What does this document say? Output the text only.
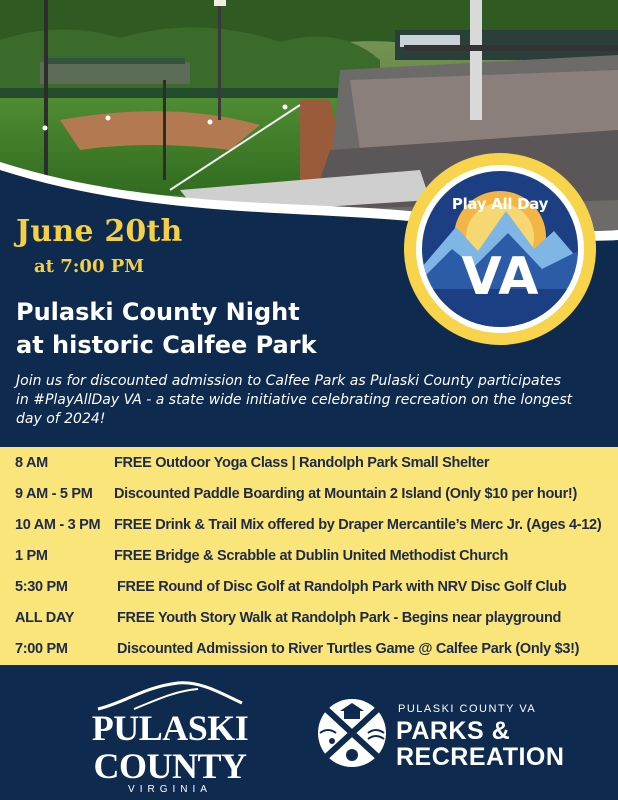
June 20th
at 7:00 PM
Pulaski County Night
at historic Calfee Park
Join us for discounted admission to Calfee Park as Pulaski County participates in #PlayAllDay VA - a state wide initiative celebrating recreation on the longest day of 2024!
Play All Day
VA
8 AM	FREE Outdoor Yoga Class | Randolph Park Small Shelter
9 AM - 5 PM Discounted Paddle Boarding at Mountain 2 Island (Only $10 per hour!)
10 AM - 3 PM FREE Drink & Trail Mix offered by Draper Mercantile’s Merc Jr. (Ages 4-12)
1 PM	FREE Bridge & Scrabble at Dublin United Methodist Church
5:30 PM	FREE Round of Disc Golf at Randolph Park with NRV Disc Golf Club
ALL DAY	FREE Youth Story Walk at Randolph Park - Begins near playground
7:00 PM	Discounted Admission to River Turtles Game @ Calfee Park (Only $3!)
PULASKI
COUNTY
VIRGINIA
PULASKI COUNTY VA
PARKS &
RECREATION
